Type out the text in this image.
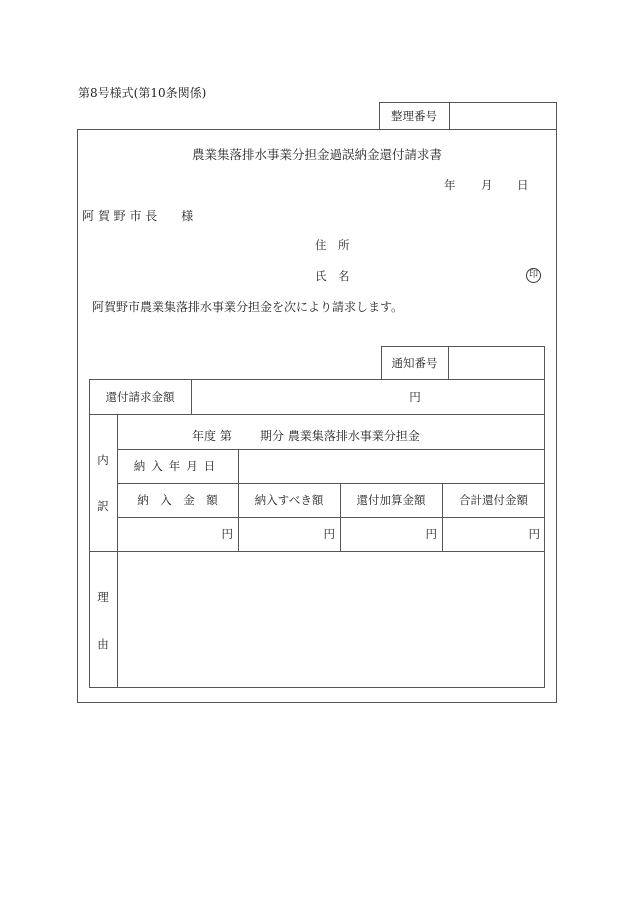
第8号様式(第10条関係)
整理番号
農業集落排水事業分担金過誤納金還付請求書
年 月 日
阿 賀 野 市 長　　様
住　所
氏　名	印
阿賀野市農業集落排水事業分担金を次により請求します。
通知番号
還付請求金額	円
内
訳
年度 第 期分 農業集落排水事業分担金
納入年月日
納　入　金　額	納入すべき額	還付加算金額	合計還付金額
円	円	円	円
理
由
